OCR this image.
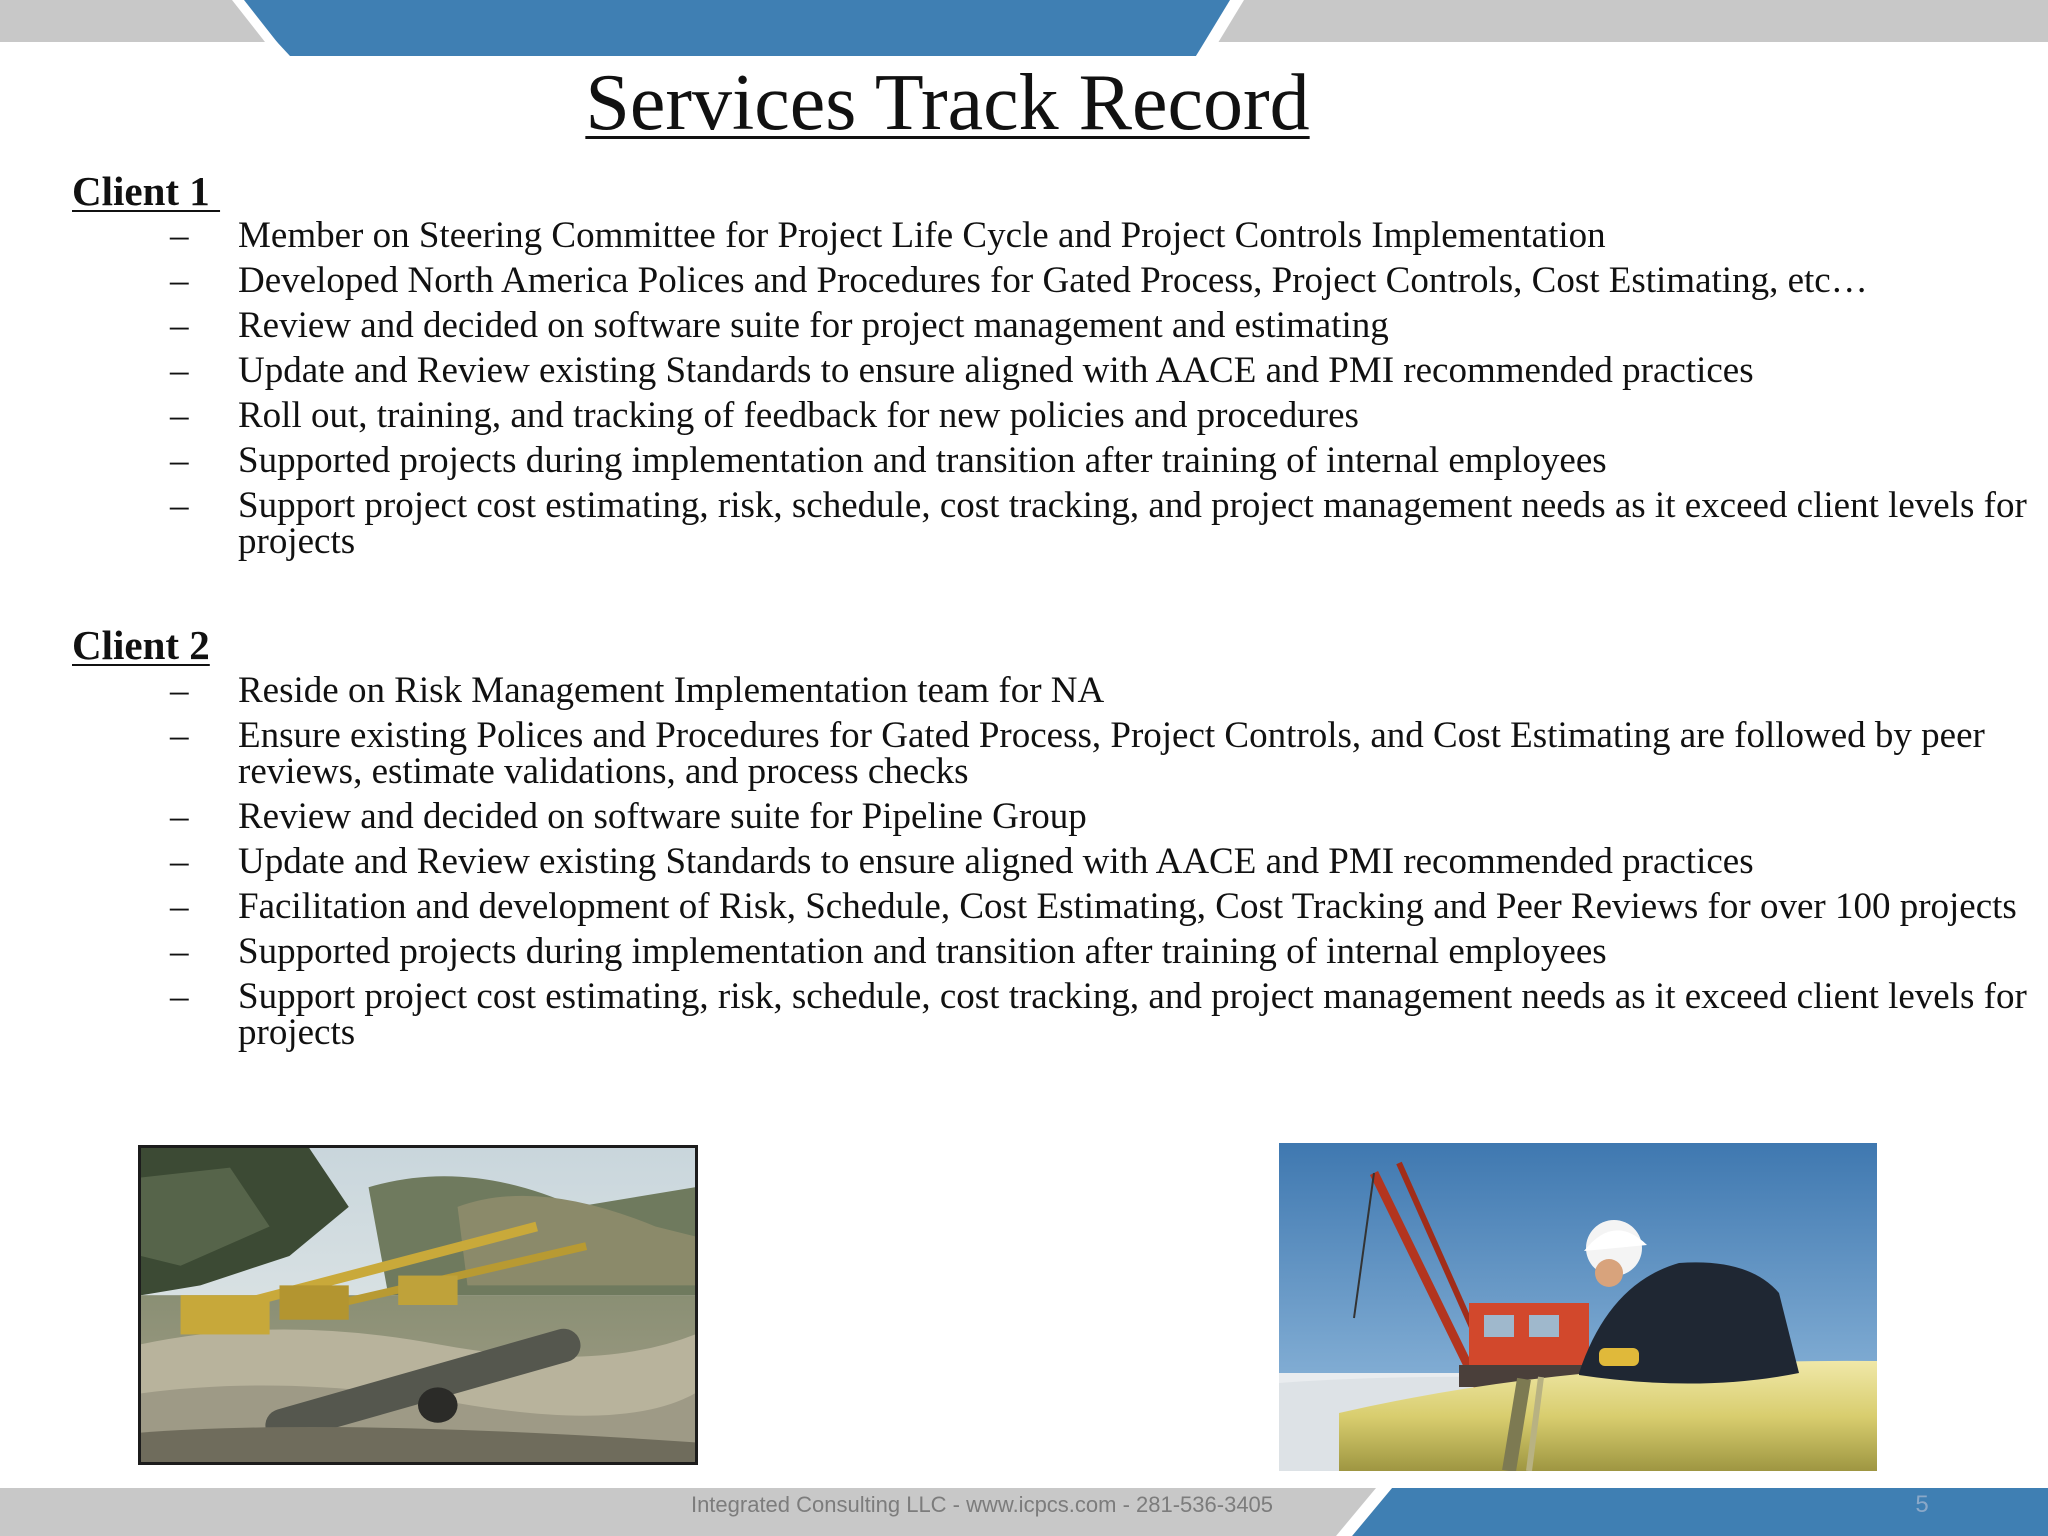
Services Track Record
Client 1
– Member on Steering Committee for Project Life Cycle and Project Controls Implementation
– Developed North America Polices and Procedures for Gated Process, Project Controls, Cost Estimating, etc…
– Review and decided on software suite for project management and estimating
– Update and Review existing Standards to ensure aligned with AACE and PMI recommended practices
– Roll out, training, and tracking of feedback for new policies and procedures
– Supported projects during implementation and transition after training of internal employees
– Support project cost estimating, risk, schedule, cost tracking, and project management needs as it exceed client levels for projects
Client 2
– Reside on Risk Management Implementation team for NA
– Ensure existing Polices and Procedures for Gated Process, Project Controls, and Cost Estimating are followed by peer reviews, estimate validations, and process checks
– Review and decided on software suite for Pipeline Group
– Update and Review existing Standards to ensure aligned with AACE and PMI recommended practices
– Facilitation and development of Risk, Schedule, Cost Estimating, Cost Tracking and Peer Reviews for over 100 projects
– Supported projects during implementation and transition after training of internal employees
– Support project cost estimating, risk, schedule, cost tracking, and project management needs as it exceed client levels for projects
Integrated Consulting LLC - www.icpcs.com - 281-536-3405	5
